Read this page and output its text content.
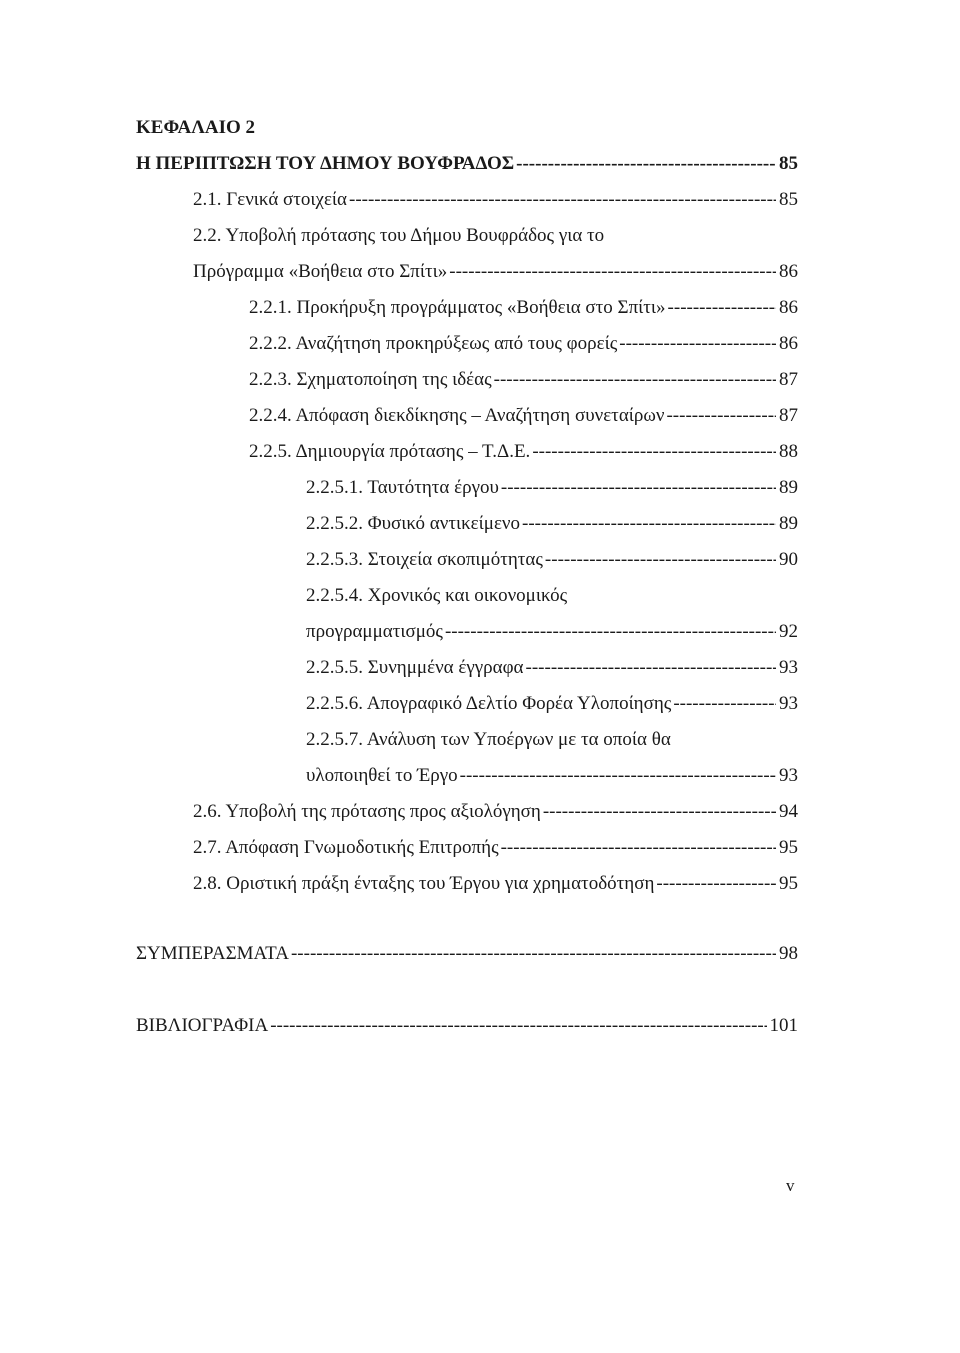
ΚΕΦΑΛΑΙΟ 2
Η ΠΕΡΙΠΤΩΣΗ ΤΟΥ ΔΗΜΟΥ ΒΟΥΦΡΑΔΟΣ -----	85
2.1. Γενικά στοιχεία -----	85
2.2. Υποβολή πρότασης του Δήμου Βουφράδος για το
Πρόγραμμα «Βοήθεια στο Σπίτι» -----	86
2.2.1. Προκήρυξη προγράμματος «Βοήθεια στο Σπίτι» -----	86
2.2.2. Αναζήτηση προκηρύξεως από τους φορείς -----	86
2.2.3. Σχηματοποίηση της ιδέας -----	87
2.2.4. Απόφαση διεκδίκησης – Αναζήτηση συνεταίρων -----	87
2.2.5. Δημιουργία πρότασης – Τ.Δ.Ε. -----	88
2.2.5.1. Ταυτότητα έργου -----	89
2.2.5.2. Φυσικό αντικείμενο -----	89
2.2.5.3. Στοιχεία σκοπιμότητας -----	90
2.2.5.4. Χρονικός και οικονομικός
προγραμματισμός -----	92
2.2.5.5. Συνημμένα έγγραφα -----	93
2.2.5.6. Απογραφικό Δελτίο Φορέα Υλοποίησης -----	93
2.2.5.7. Ανάλυση των Υποέργων με τα οποία θα
υλοποιηθεί το Έργο -----	93
2.6. Υποβολή της πρότασης προς αξιολόγηση -----	94
2.7. Απόφαση Γνωμοδοτικής Επιτροπής -----	95
2.8. Οριστική πράξη ένταξης του Έργου για χρηματοδότηση -----	95
ΣΥΜΠΕΡΑΣΜΑΤΑ -----	98
ΒΙΒΛΙΟΓΡΑΦΙΑ -----	101
v
